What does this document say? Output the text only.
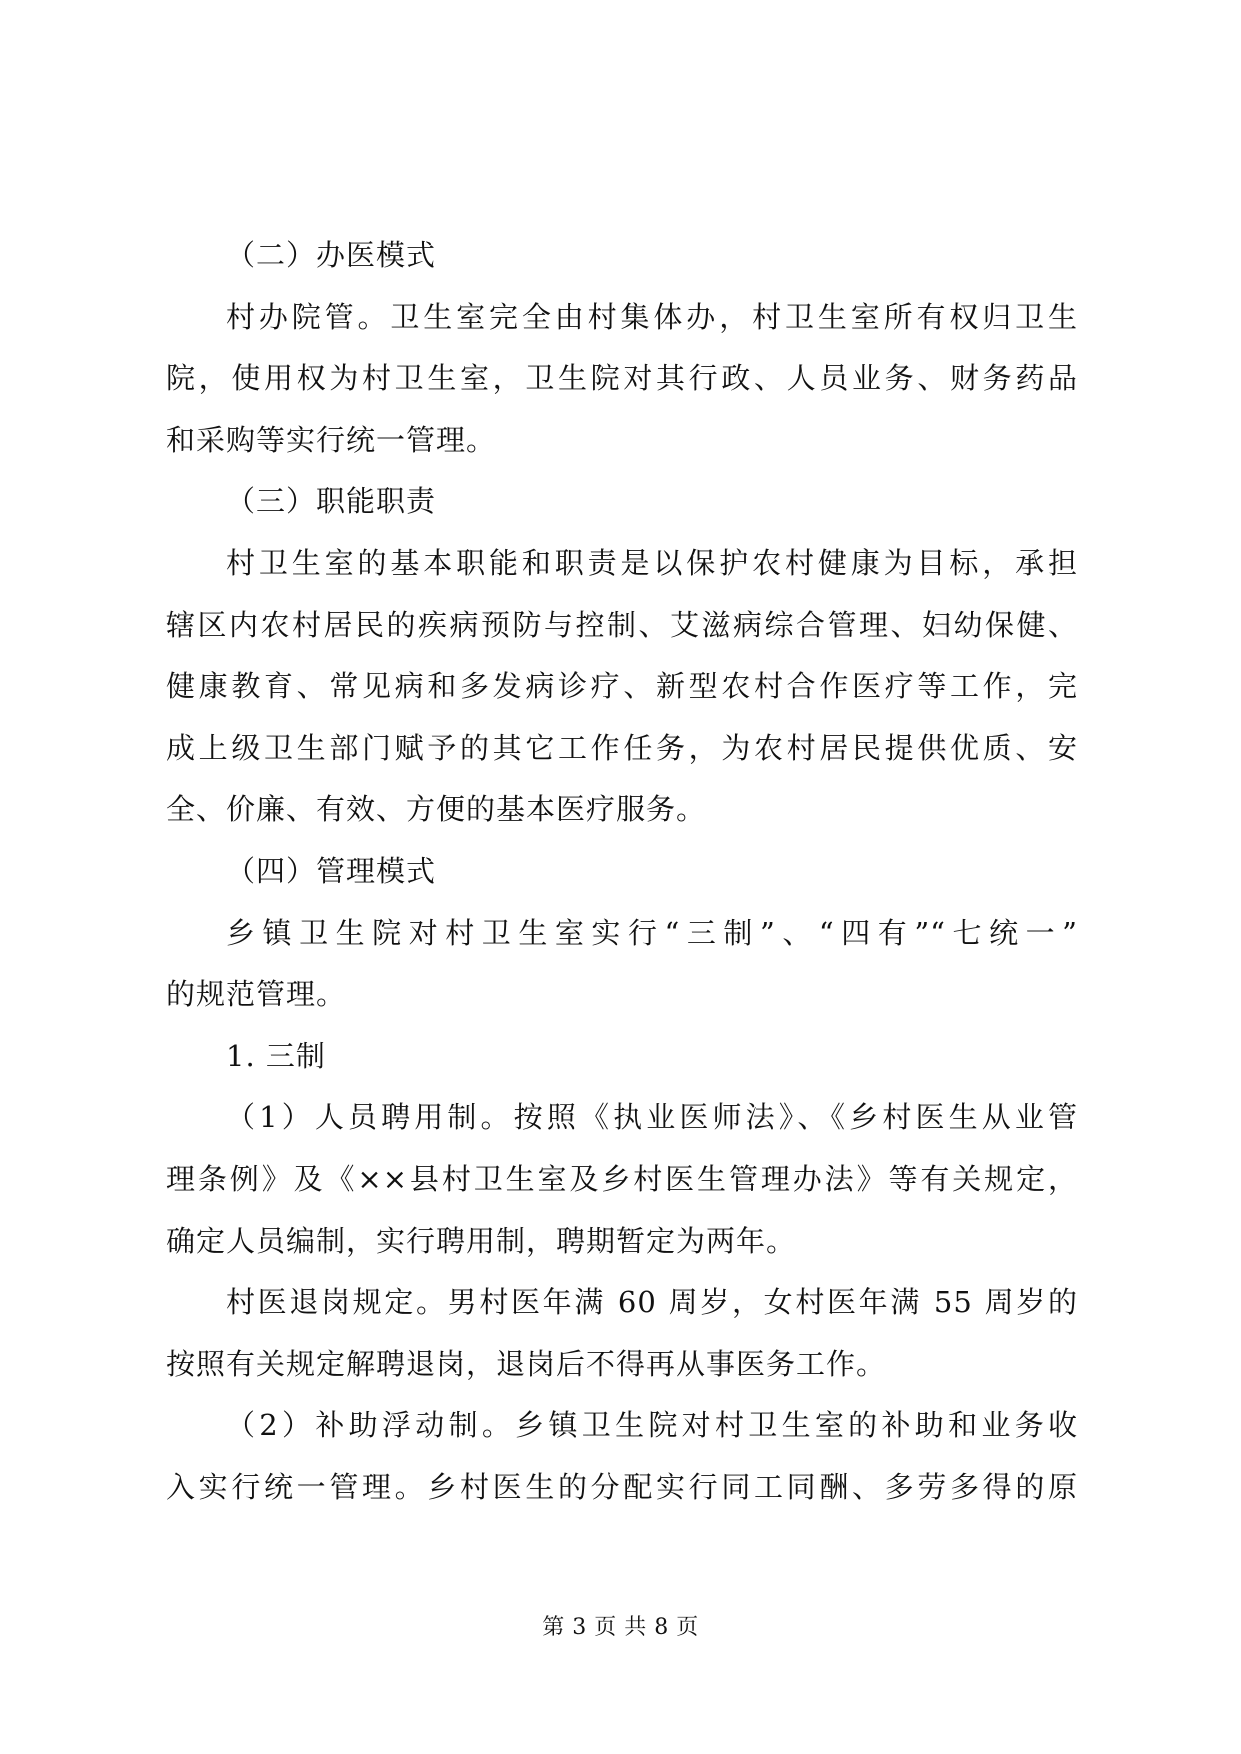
（二）办医模式
村办院管。卫生室完全由村集体办，村卫生室所有权归卫生
院，使用权为村卫生室，卫生院对其行政、人员业务、财务药品
和采购等实行统一管理。
（三）职能职责
村卫生室的基本职能和职责是以保护农村健康为目标，承担
辖区内农村居民的疾病预防与控制、艾滋病综合管理、妇幼保健、
健康教育、常见病和多发病诊疗、新型农村合作医疗等工作，完
成上级卫生部门赋予的其它工作任务，为农村居民提供优质、安
全、价廉、有效、方便的基本医疗服务。
（四）管理模式
乡镇卫生院对村卫生室实行“三制”、“四有”“七统一”
的规范管理。
1. 三制
（1）人员聘用制。按照《执业医师法》、《乡村医生从业管
理条例》及《××县村卫生室及乡村医生管理办法》等有关规定，
确定人员编制，实行聘用制，聘期暂定为两年。
村医退岗规定。男村医年满 60 周岁，女村医年满 55 周岁的
按照有关规定解聘退岗，退岗后不得再从事医务工作。
（2）补助浮动制。乡镇卫生院对村卫生室的补助和业务收
入实行统一管理。乡村医生的分配实行同工同酬、多劳多得的原
第 3 页 共 8 页
